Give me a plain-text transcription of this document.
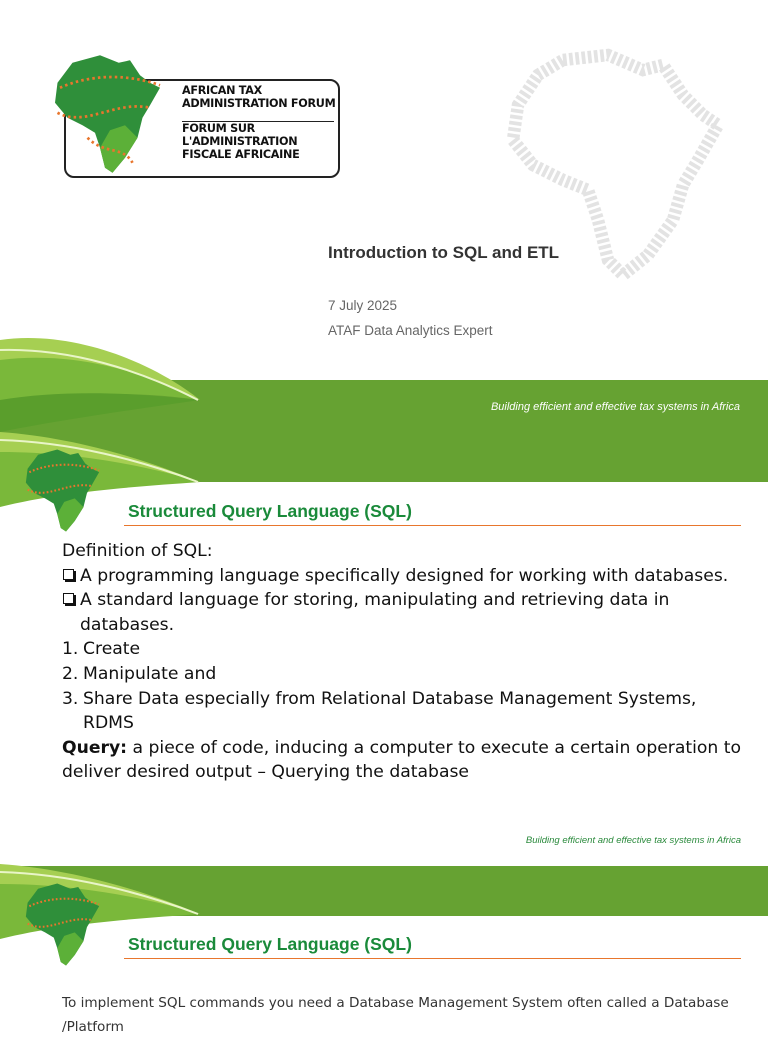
AFRICAN TAX
ADMINISTRATION FORUM
FORUM SUR
L'ADMINISTRATION
FISCALE AFRICAINE
Introduction to SQL and ETL
7 July 2025
ATAF Data Analytics Expert
Building efficient and effective tax systems in Africa
Structured Query Language (SQL)

Definition of SQL:

A programming language specifically designed for working with databases.

A standard language for storing, manipulating and retrieving data in databases.

1. Create

2. Manipulate and

3. Share Data especially from Relational Database Management Systems, RDMS

Query: a piece of code, inducing a computer to execute a certain operation to deliver desired output – Querying the database

Building efficient and effective tax systems in Africa
Structured Query Language (SQL)
To implement SQL commands you need a Database Management System often called a Database /Platform
